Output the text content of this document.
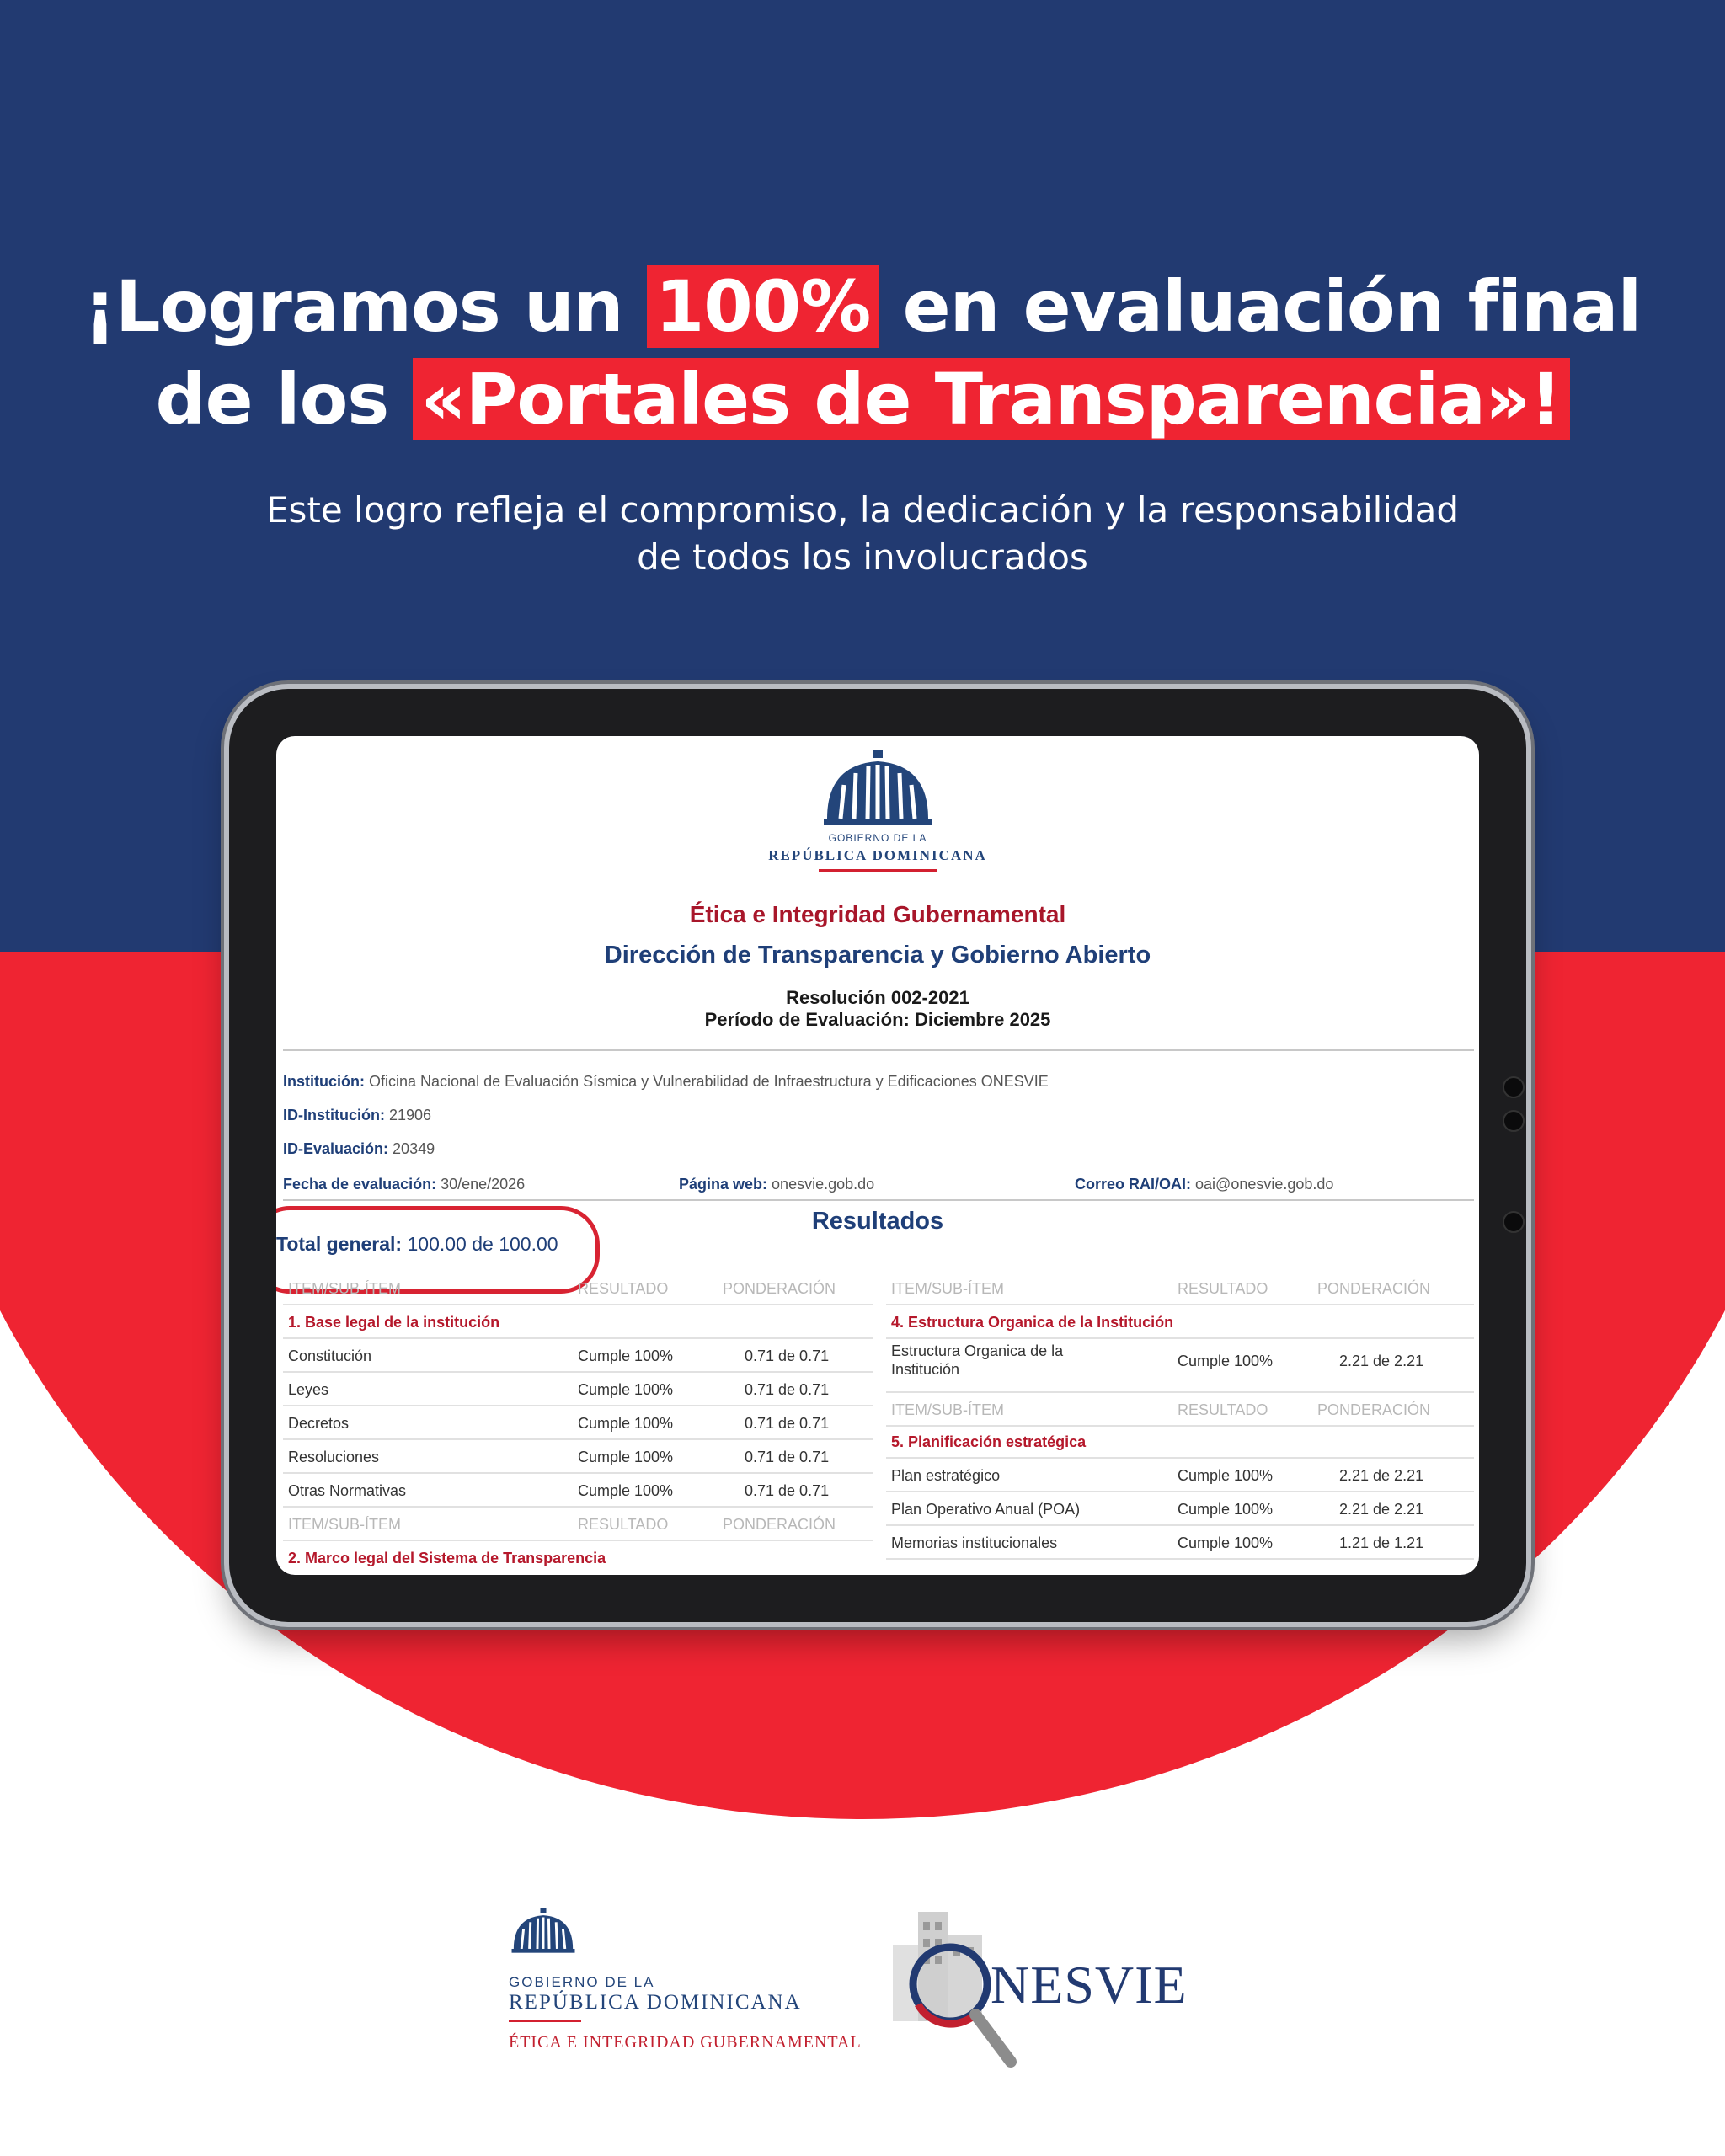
¡Logramos un 100% en evaluación final
de los «Portales de Transparencia»!
Este logro refleja el compromiso, la dedicación y la responsabilidad
de todos los involucrados
GOBIERNO DE LA
REPÚBLICA DOMINICANA
Ética e Integridad Gubernamental
Dirección de Transparencia y Gobierno Abierto
Resolución 002-2021
Período de Evaluación: Diciembre 2025
Institución: Oficina Nacional de Evaluación Sísmica y Vulnerabilidad de Infraestructura y Edificaciones ONESVIE
ID-Institución: 21906
ID-Evaluación: 20349
Fecha de evaluación: 30/ene/2026	Página web: onesvie.gob.do	Correo RAI/OAI: oai@onesvie.gob.do
Resultados
Total general: 100.00 de 100.00
ITEM/SUB-ÍTEM	RESULTADO	PONDERACIÓN
1. Base legal de la institución
Constitución	Cumple 100%	0.71 de 0.71
Leyes	Cumple 100%	0.71 de 0.71
Decretos	Cumple 100%	0.71 de 0.71
Resoluciones	Cumple 100%	0.71 de 0.71
Otras Normativas	Cumple 100%	0.71 de 0.71
ITEM/SUB-ÍTEM	RESULTADO	PONDERACIÓN
2. Marco legal del Sistema de Transparencia
ITEM/SUB-ÍTEM	RESULTADO	PONDERACIÓN
4. Estructura Organica de la Institución
Estructura Organica de la
Institución	Cumple 100%	2.21 de 2.21
ITEM/SUB-ÍTEM	RESULTADO	PONDERACIÓN
5. Planificación estratégica
Plan estratégico	Cumple 100%	2.21 de 2.21
Plan Operativo Anual (POA)	Cumple 100%	2.21 de 2.21
Memorias institucionales	Cumple 100%	1.21 de 1.21
GOBIERNO DE LA
REPÚBLICA DOMINICANA
ÉTICA E INTEGRIDAD GUBERNAMENTAL
NESVIE
